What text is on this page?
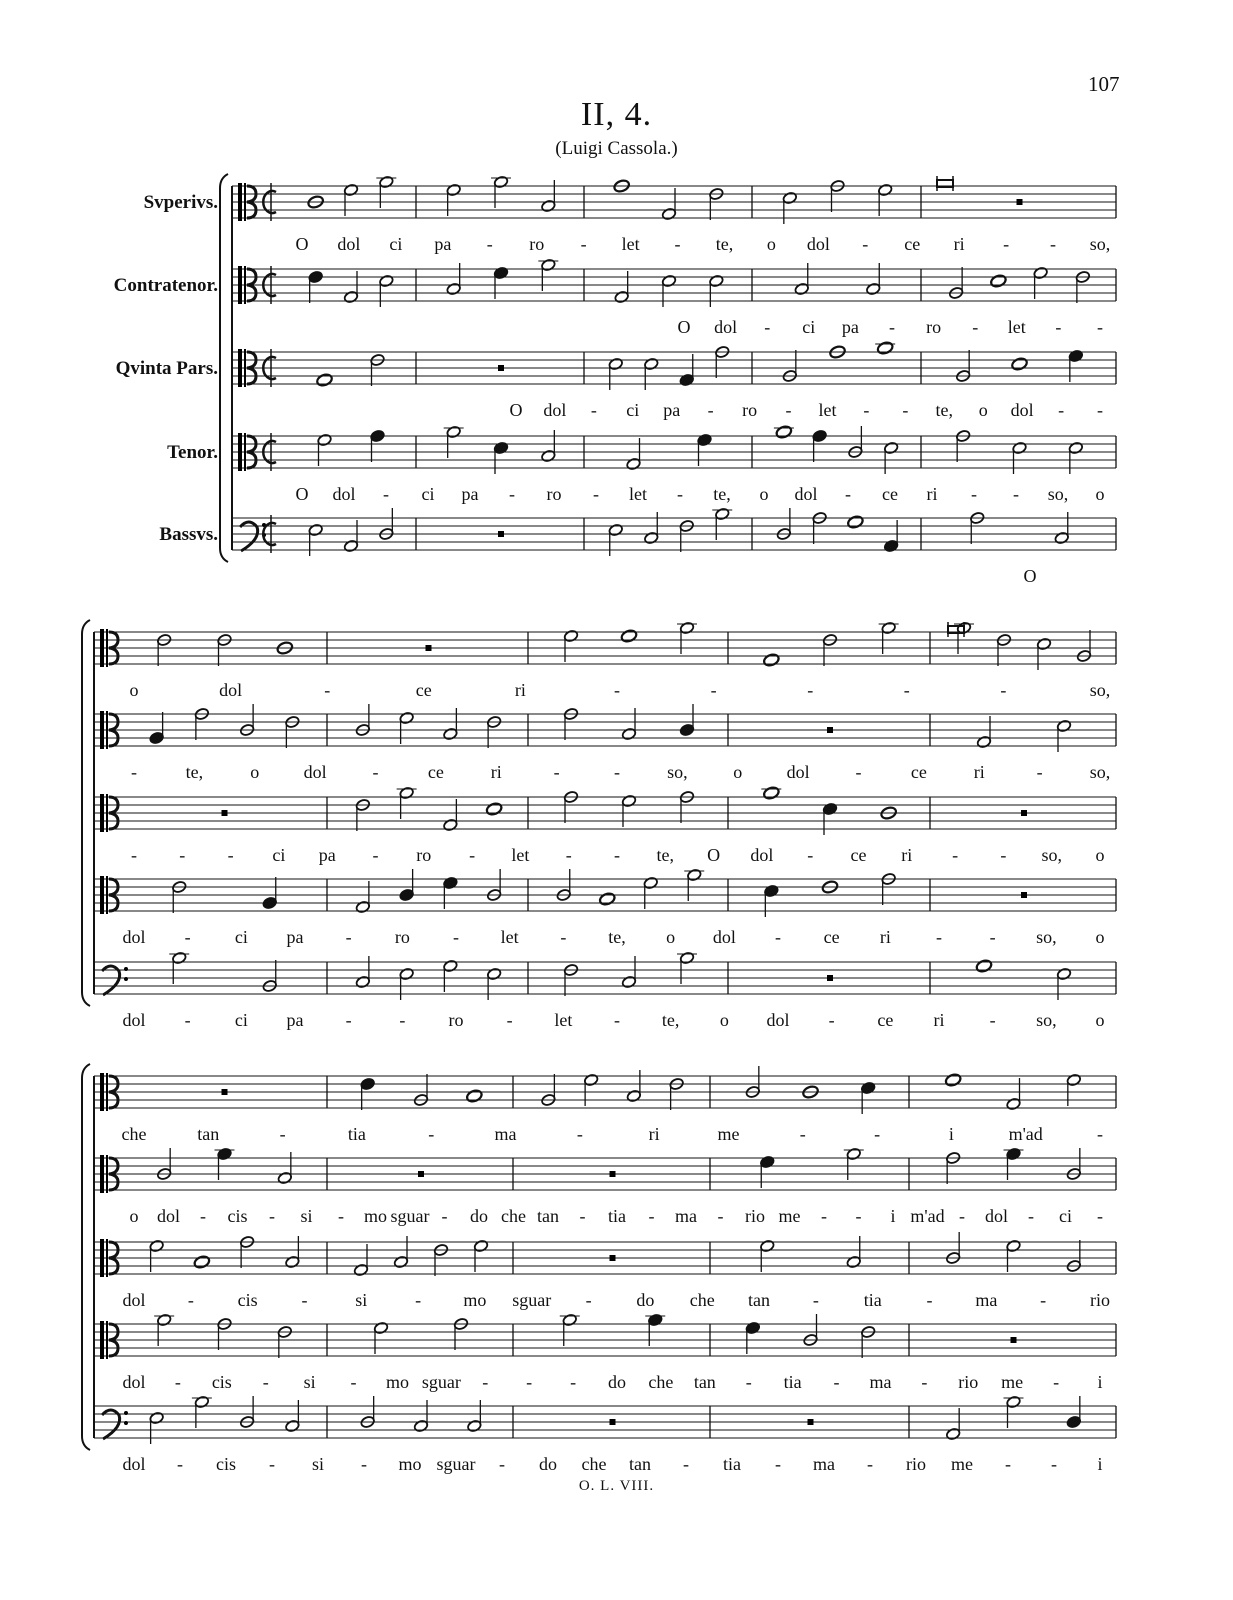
107
II, 4.
(Luigi Cassola.)
Svperivs.
O dol ci pa - ro - let - te, o dol - ce ri - - so,
Contratenor.
O dol - ci pa - ro - let - -
Qvinta Pars.
O dol - ci pa - ro - let - - te, o dol - -
Tenor.
O dol - ci pa - ro - let - te, o dol - ce ri - - so, o
Bassvs.
O
o	dol	-	ce	ri	-	-	-	-	-	so,
-	te,	o dol	-	ce	ri	-	-	so,	o dol	-	ce	ri	-	so,
- - - ci pa - ro - let - - te, O dol - ce ri - - so, o
dol - ci pa - ro - let - te, o dol - ce ri	-	- so, o
dol - ci pa -	- ro - let - te, o dol - ce ri	- so, o
che	tan	-	tia	-	ma	-	ri	me	-	-	i	m'ad	-
o dol - cis - si - mo sguar - do che tan - tia - ma - rio me - - i m'ad - dol - ci -
dol - cis -	si	- mo sguar - do che tan - tia - ma - rio
dol - cis - si - mo sguar - - - do che tan - tia - ma - rio me - i
dol - cis - si - mo sguar - do che tan - tia - ma - rio me - - i
O. L. VIII.
